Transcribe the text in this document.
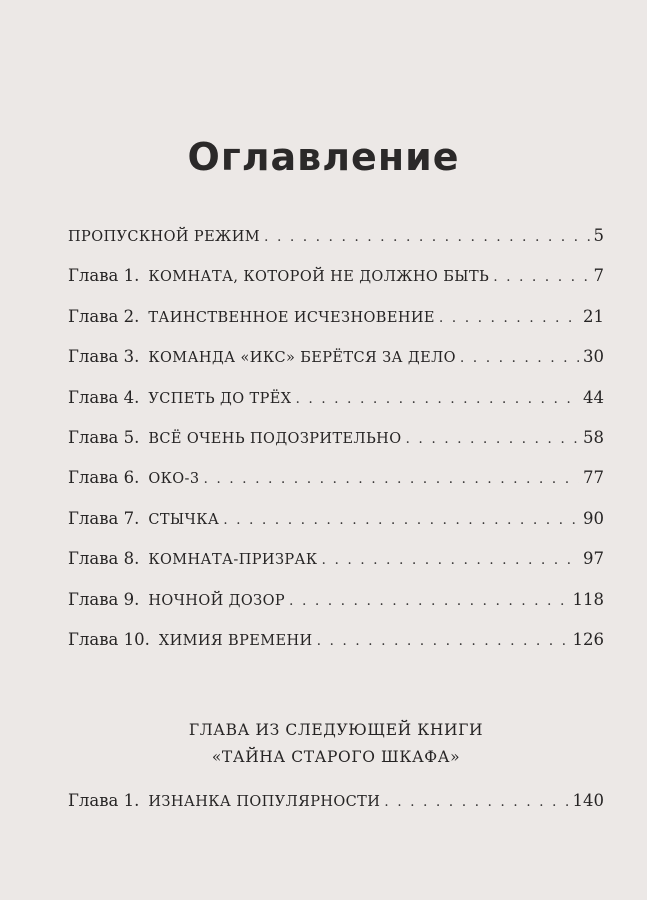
Оглавление
ПРОПУСКНОЙ РЕЖИМ . . .	5
Глава 1. КОМНАТА, КОТОРОЙ НЕ ДОЛЖНО БЫТЬ . . .	7
Глава 2. ТАИНСТВЕННОЕ ИСЧЕЗНОВЕНИЕ . . .	21
Глава 3. КОМАНДА «ИКС» БЕРЁТСЯ ЗА ДЕЛО . . .	30
Глава 4. УСПЕТЬ ДО ТРЁХ . . .	44
Глава 5. ВСЁ ОЧЕНЬ ПОДОЗРИТЕЛЬНО . . .	58
Глава 6. ОКО-3 . . .	77
Глава 7. СТЫЧКА . . .	90
Глава 8. КОМНАТА-ПРИЗРАК . . .	97
Глава 9. НОЧНОЙ ДОЗОР . . .	118
Глава 10. ХИМИЯ ВРЕМЕНИ . . .	126
ГЛАВА ИЗ СЛЕДУЮЩЕЙ КНИГИ
«ТАЙНА СТАРОГО ШКАФА»
Глава 1. ИЗНАНКА ПОПУЛЯРНОСТИ . . .	140
